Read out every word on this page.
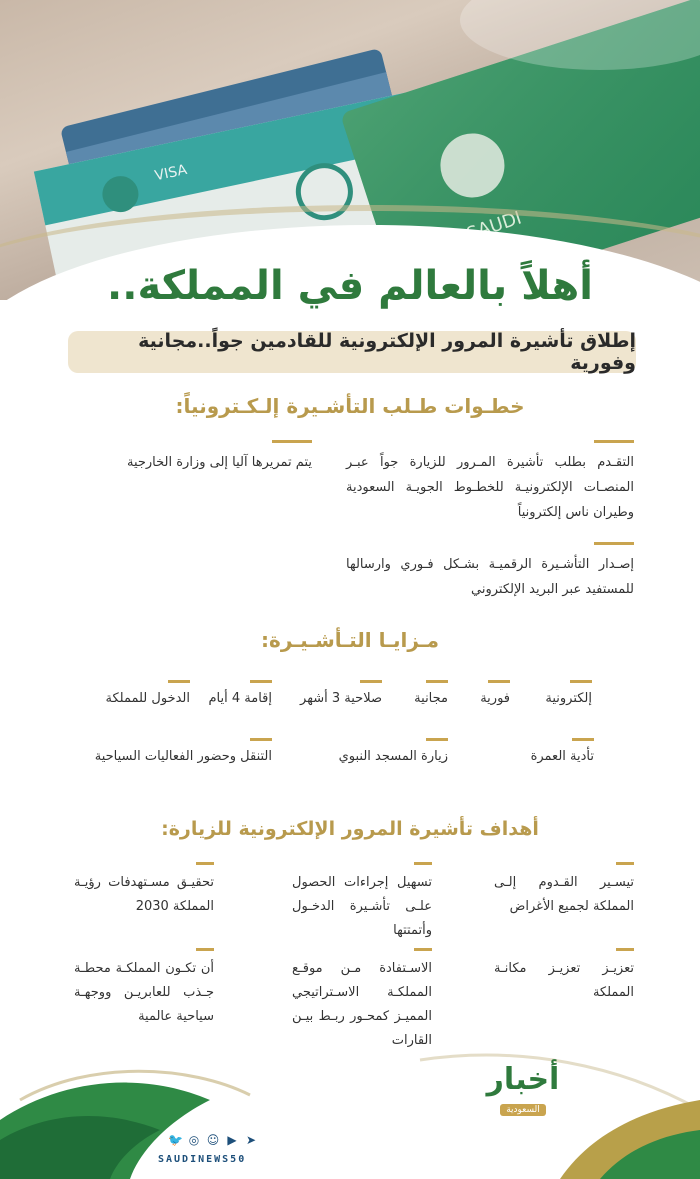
VISA
أهلاً بالعالم في المملكة..
إطلاق تأشيرة المرور الإلكترونية للقادمين جواً..مجانية وفورية
خطـوات طـلب التأشـيرة إلـكـترونياً:
التقـدم بطلب تأشيرة المـرور للزيارة جواً عبـر المنصـات الإلكترونيـة للخطـوط الجويـة السعودية وطيران ناس إلكترونياً
يتم تمريرها آليا إلى وزارة الخارجية
إصـدار التأشـيرة الرقميـة بشـكل فـوري وارسالها للمستفيد عبر البريد الإلكتروني
مـزايـا التـأشـيـرة:
إلكترونية
فورية
مجانية
صلاحية 3 أشهر
إقامة 4 أيام
الدخول للمملكة
تأدية العمرة
زيارة المسجد النبوي
التنقل وحضور الفعاليات السياحية
أهداف تأشيرة المرور الإلكترونية للزيارة:
تيسـير القـدوم إلـى المملكة لجميع الأغراض
تسهيل إجراءات الحصول علـى تأشـيرة الدخـول وأتمتتها
تحقيـق مسـتهدفات رؤيـة المملكة 2030
تعزيـز تعزيـز مكانـة المملكة
الاسـتفادة مـن موقـع المملكـة الاسـتراتيجي المميـز كمحـور ربـط بيـن القارات
أن تكـون المملكـة محطـة جـذب للعابريـن ووجهـة سياحية عالمية
أخبار
السعودية
🐦 ◎ ☺ ▶ ➤
SAUDINEWS50
